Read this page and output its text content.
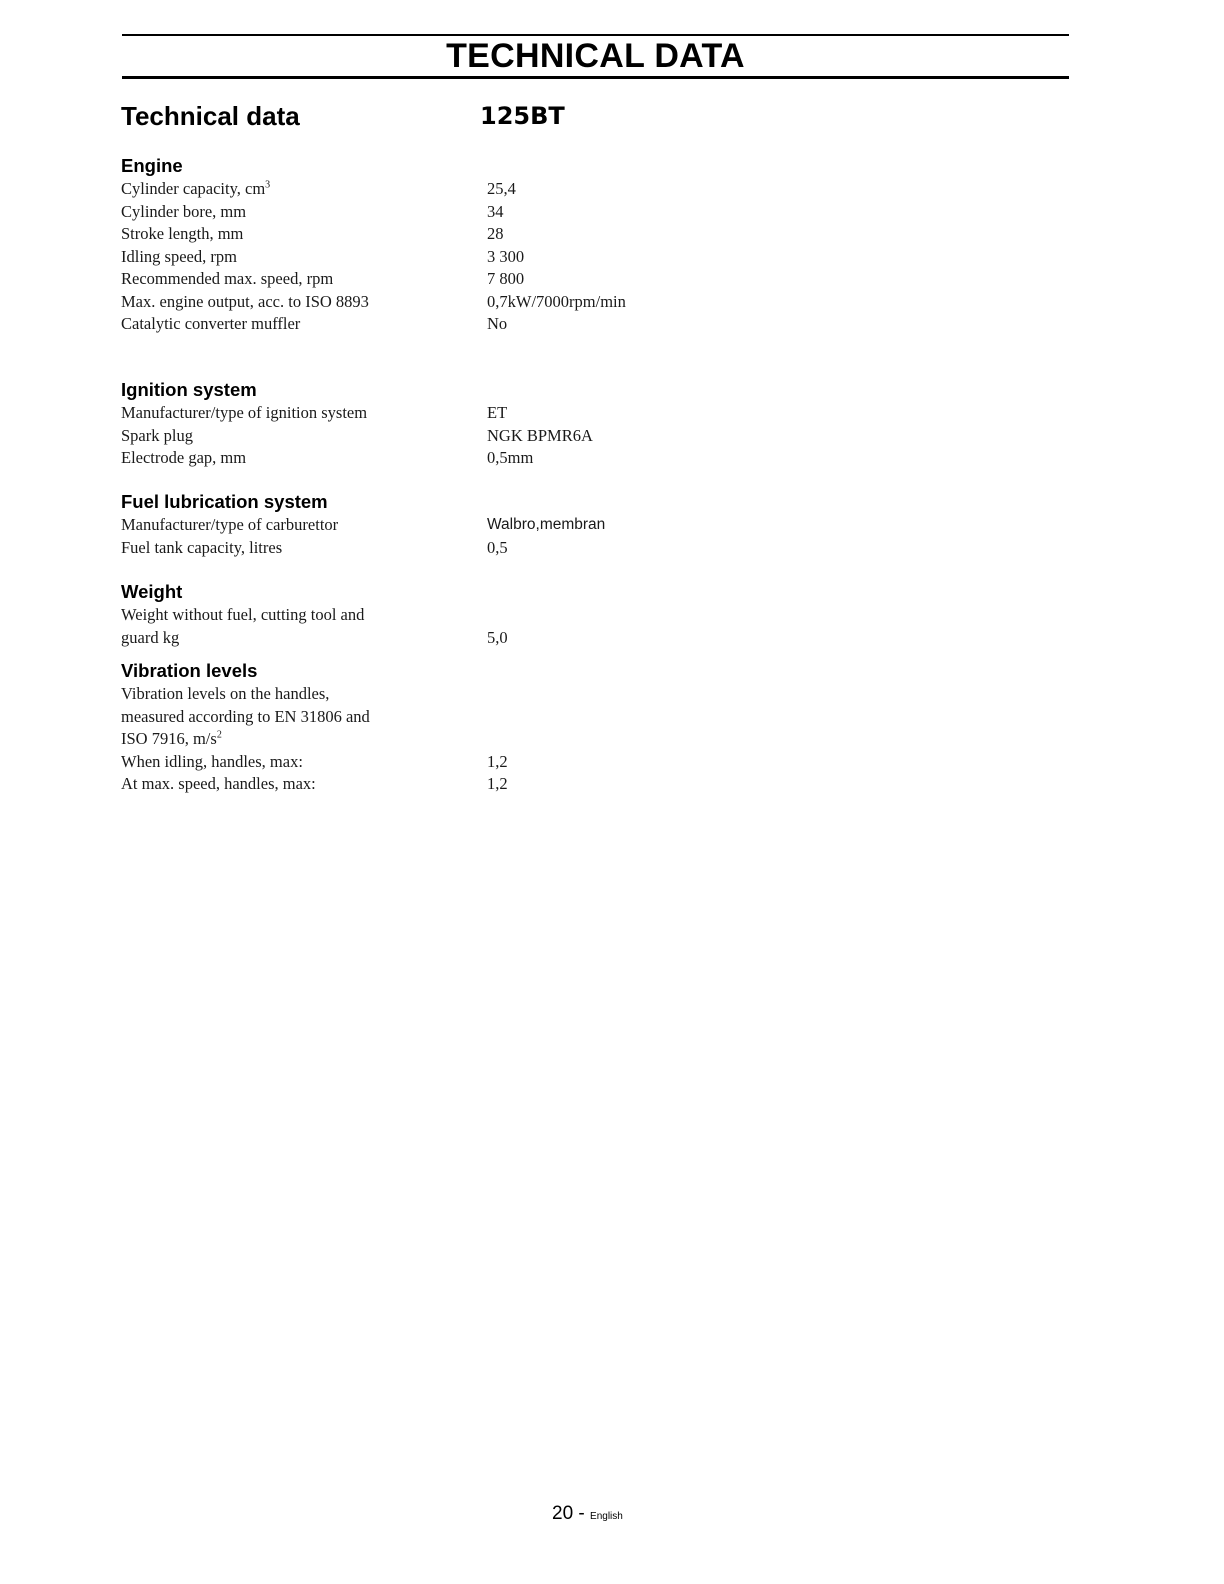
TECHNICAL DATA
Technical data	125BT
Engine
Cylinder capacity, $cm^3$	25,4
Cylinder bore, mm	34
Stroke length, mm	28
Idling speed, rpm	3 300
Recommended max. speed, rpm	7 800
Max. engine output, acc. to ISO 8893	0,7kW/7000rpm/min
Catalytic converter muffler	No
Ignition system
Manufacturer/type of ignition system	ET
Spark plug	NGK BPMR6A
Electrode gap, mm	0,5mm
Fuel lubrication system
Manufacturer/type of carburettor	Walbro,membran
Fuel tank capacity, litres	0,5
Weight
Weight without fuel, cutting tool and
guard kg	5,0
Vibration levels
Vibration levels on the handles,
measured according to EN 31806 and
ISO 7916, $m/s^2$
When idling, handles, max:	1,2
At max. speed, handles, max:	1,2
20 - English
